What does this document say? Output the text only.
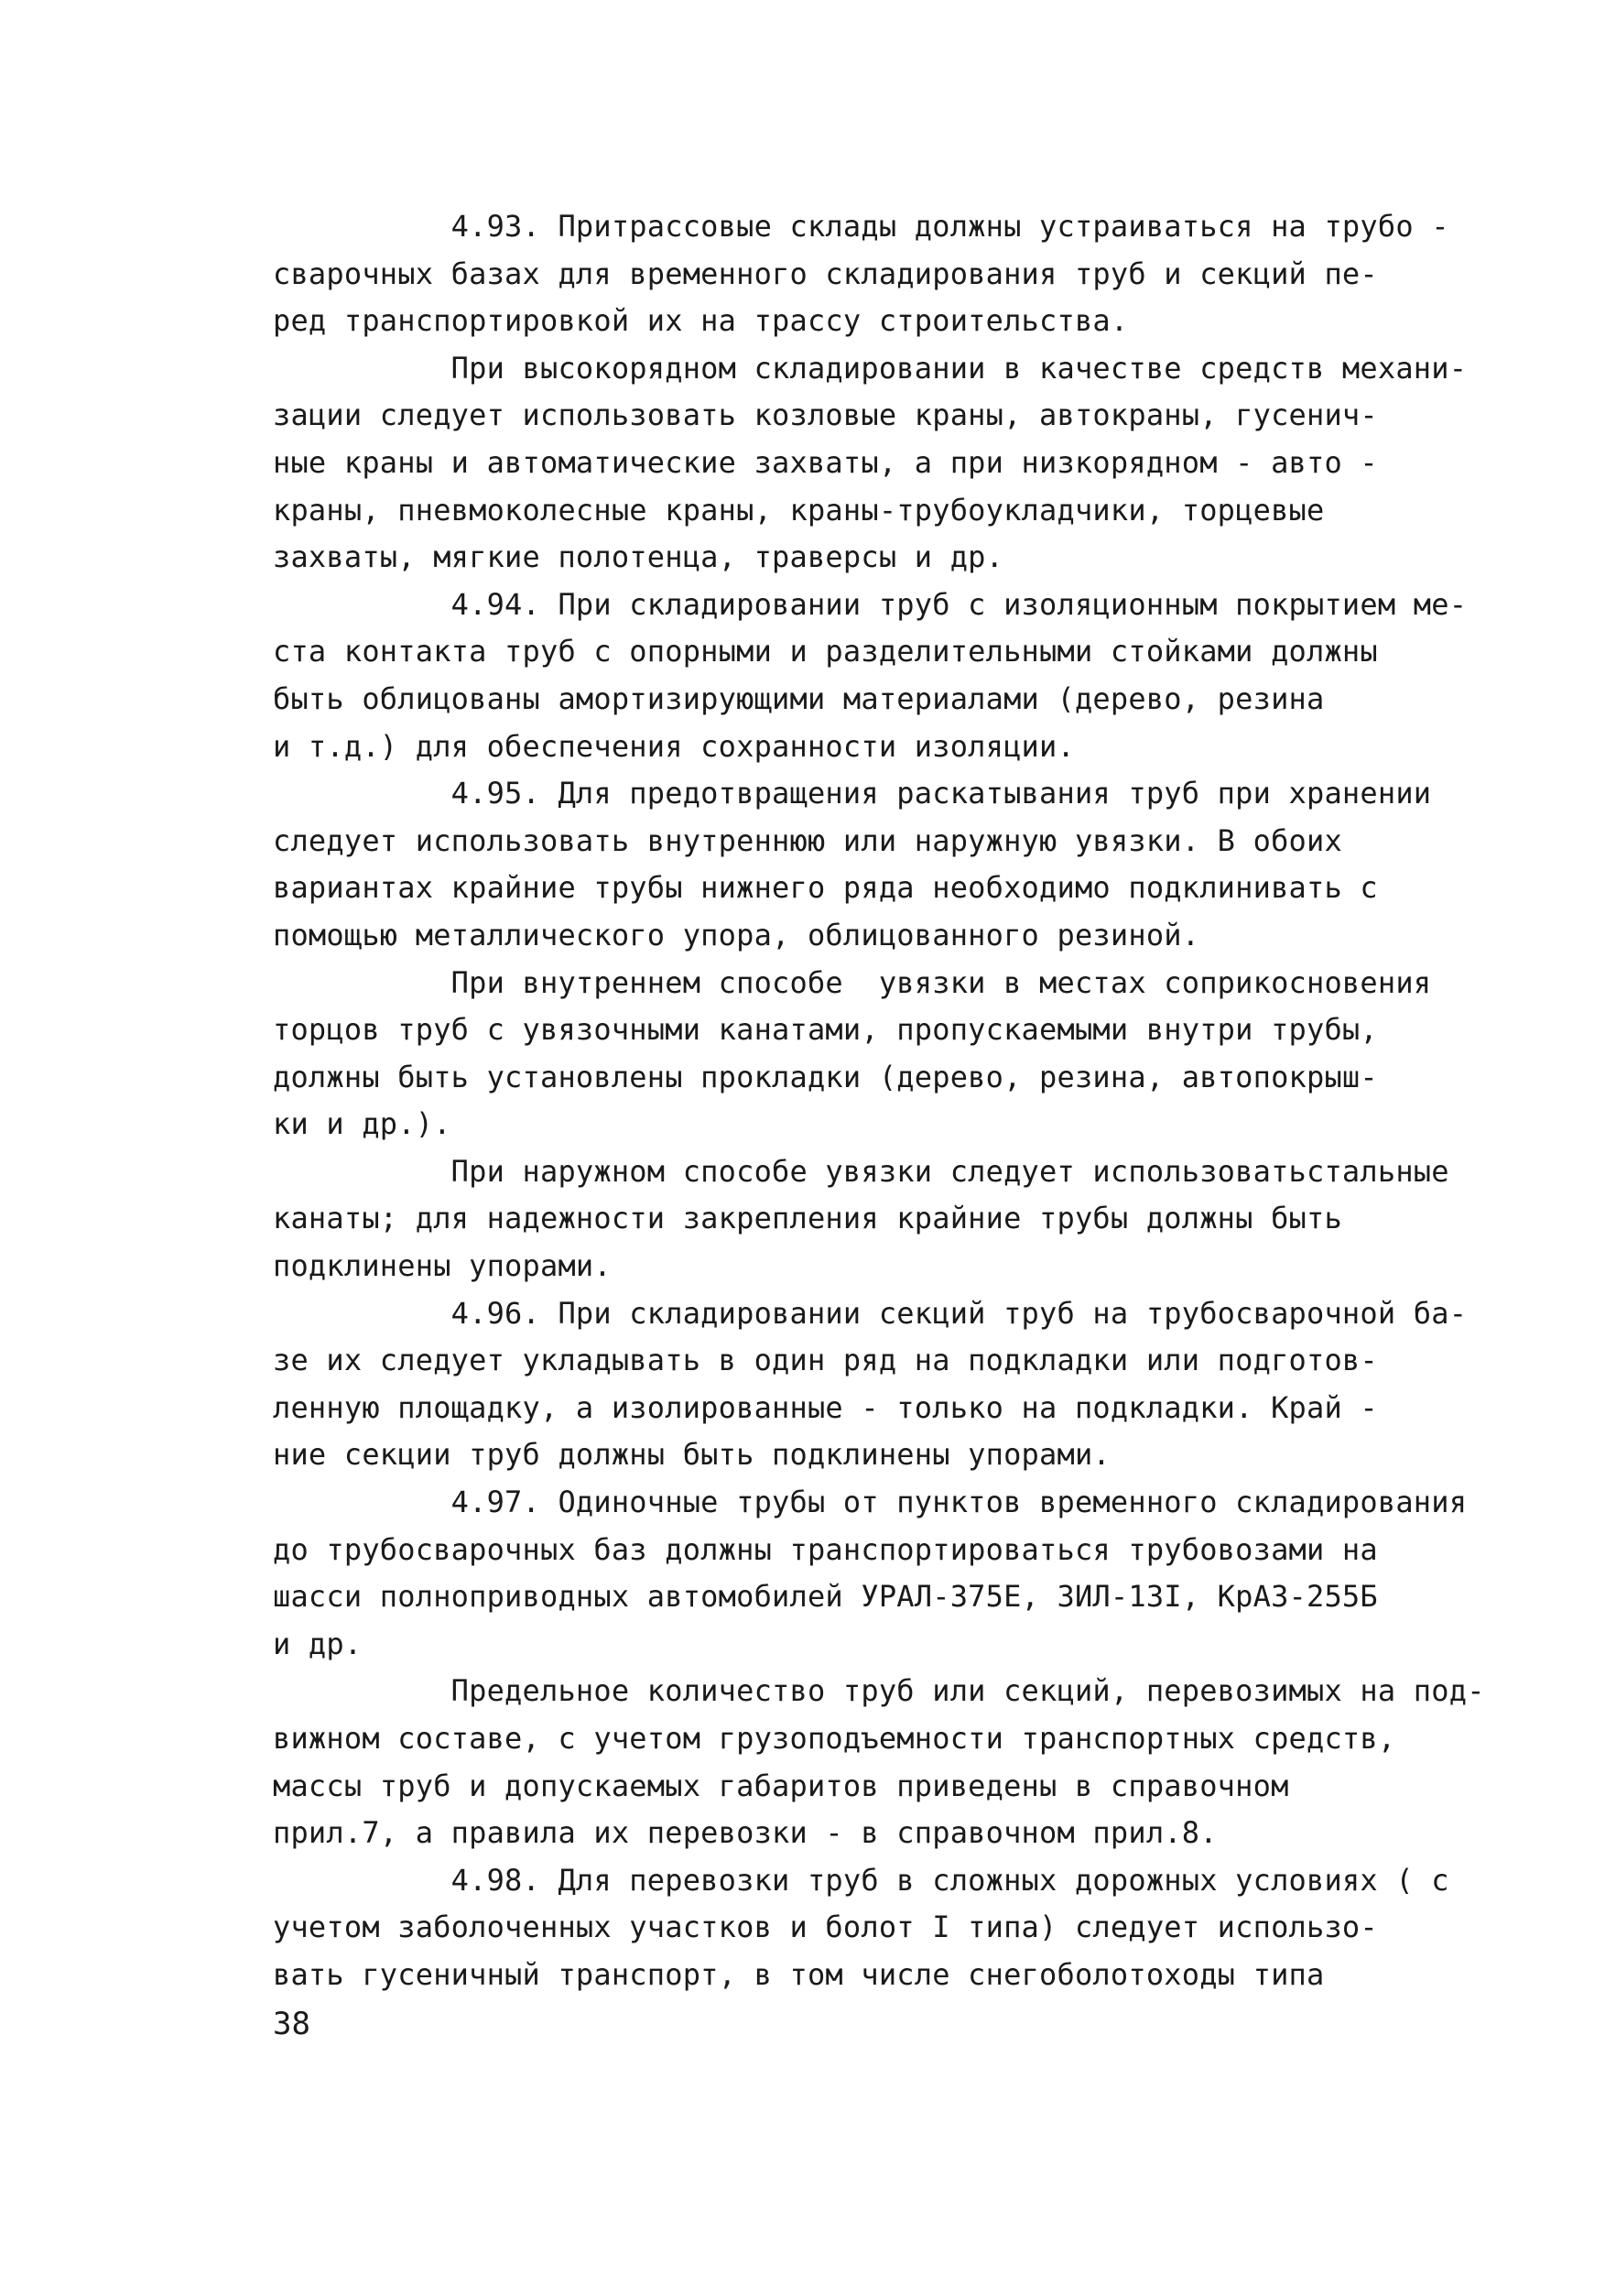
4.93. Притрассовые склады должны устраиваться на трубо -
сварочных базах для временного складирования труб и секций пе-
ред транспортировкой их на трассу строительства.
При высокорядном складировании в качестве средств механи-
зации следует использовать козловые краны, автокраны, гусенич-
ные краны и автоматические захваты, а при низкорядном - авто -
краны, пневмоколесные краны, краны-трубоукладчики, торцевые
захваты, мягкие полотенца, траверсы и др.
4.94. При складировании труб с изоляционным покрытием ме-
ста контакта труб с опорными и разделительными стойками должны
быть облицованы амортизирующими материалами (дерево, резина
и т.д.) для обеспечения сохранности изоляции.
4.95. Для предотвращения раскатывания труб при хранении
следует использовать внутреннюю или наружную увязки. В обоих
вариантах крайние трубы нижнего ряда необходимо подклинивать с
помощью металлического упора, облицованного резиной.
При внутреннем способе  увязки в местах соприкосновения
торцов труб с увязочными канатами, пропускаемыми внутри трубы,
должны быть установлены прокладки (дерево, резина, автопокрыш-
ки и др.).
При наружном способе увязки следует использоватьстальные
канаты; для надежности закрепления крайние трубы должны быть
подклинены упорами.
4.96. При складировании секций труб на трубосварочной ба-
зе их следует укладывать в один ряд на подкладки или подготов-
ленную площадку, а изолированные - только на подкладки. Край -
ние секции труб должны быть подклинены упорами.
4.97. Одиночные трубы от пунктов временного складирования
до трубосварочных баз должны транспортироваться трубовозами на
шасси полноприводных автомобилей УРАЛ-375Е, ЗИЛ-13I, КрАЗ-255Б
и др.
Предельное количество труб или секций, перевозимых на под-
вижном составе, с учетом грузоподъемности транспортных средств,
массы труб и допускаемых габаритов приведены в справочном
прил.7, а правила их перевозки - в справочном прил.8.
4.98. Для перевозки труб в сложных дорожных условиях ( с
учетом заболоченных участков и болот I типа) следует использо-
вать гусеничный транспорт, в том числе снегоболотоходы типа
38
